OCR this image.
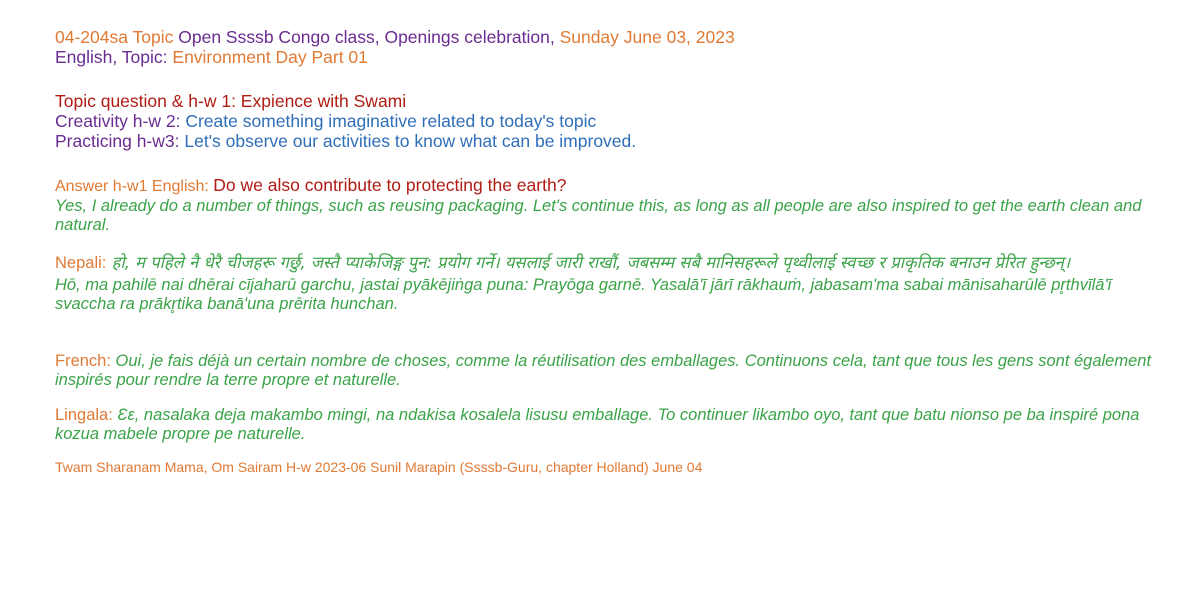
04-204sa Topic Open Ssssb Congo class, Openings celebration, Sunday June 03, 2023
English, Topic: Environment Day Part 01
Topic question & h-w 1: Expience with Swami
Creativity h-w 2: Create something imaginative related to today's topic
Practicing h-w3: Let's observe our activities to know what can be improved.
Answer h-w1 English: Do we also contribute to protecting the earth?
Yes, I already do a number of things, such as reusing packaging. Let's continue this, as long as all people are also inspired to get the earth clean and natural.
Nepali: हो, म पहिले नै धेरै चीजहरू गर्छु, जस्तै प्याकेजिङ्ग पुन: प्रयोग गर्ने। यसलाई जारी राखौं, जबसम्म सबै मानिसहरूले पृथ्वीलाई स्वच्छ र प्राकृतिक बनाउन प्रेरित हुन्छन्।
Hō, ma pahilē nai dhērai cījaharū garchu, jastai pyākējiṅga puna: Prayōga garnē. Yasalā'ī jārī rākhauṁ, jabasam'ma sabai mānisaharūlē pr̥thvīlā'ī svaccha ra prākr̥tika banā'una prērita hunchan.
French: Oui, je fais déjà un certain nombre de choses, comme la réutilisation des emballages. Continuons cela, tant que tous les gens sont également inspirés pour rendre la terre propre et naturelle.
Lingala: Ɛɛ, nasalaka deja makambo mingi, na ndakisa kosalela lisusu emballage. To continuer likambo oyo, tant que batu nionso pe ba inspiré pona kozua mabele propre pe naturelle.
Twam Sharanam Mama, Om Sairam H-w 2023-06 Sunil Marapin (Ssssb-Guru, chapter Holland) June 04
